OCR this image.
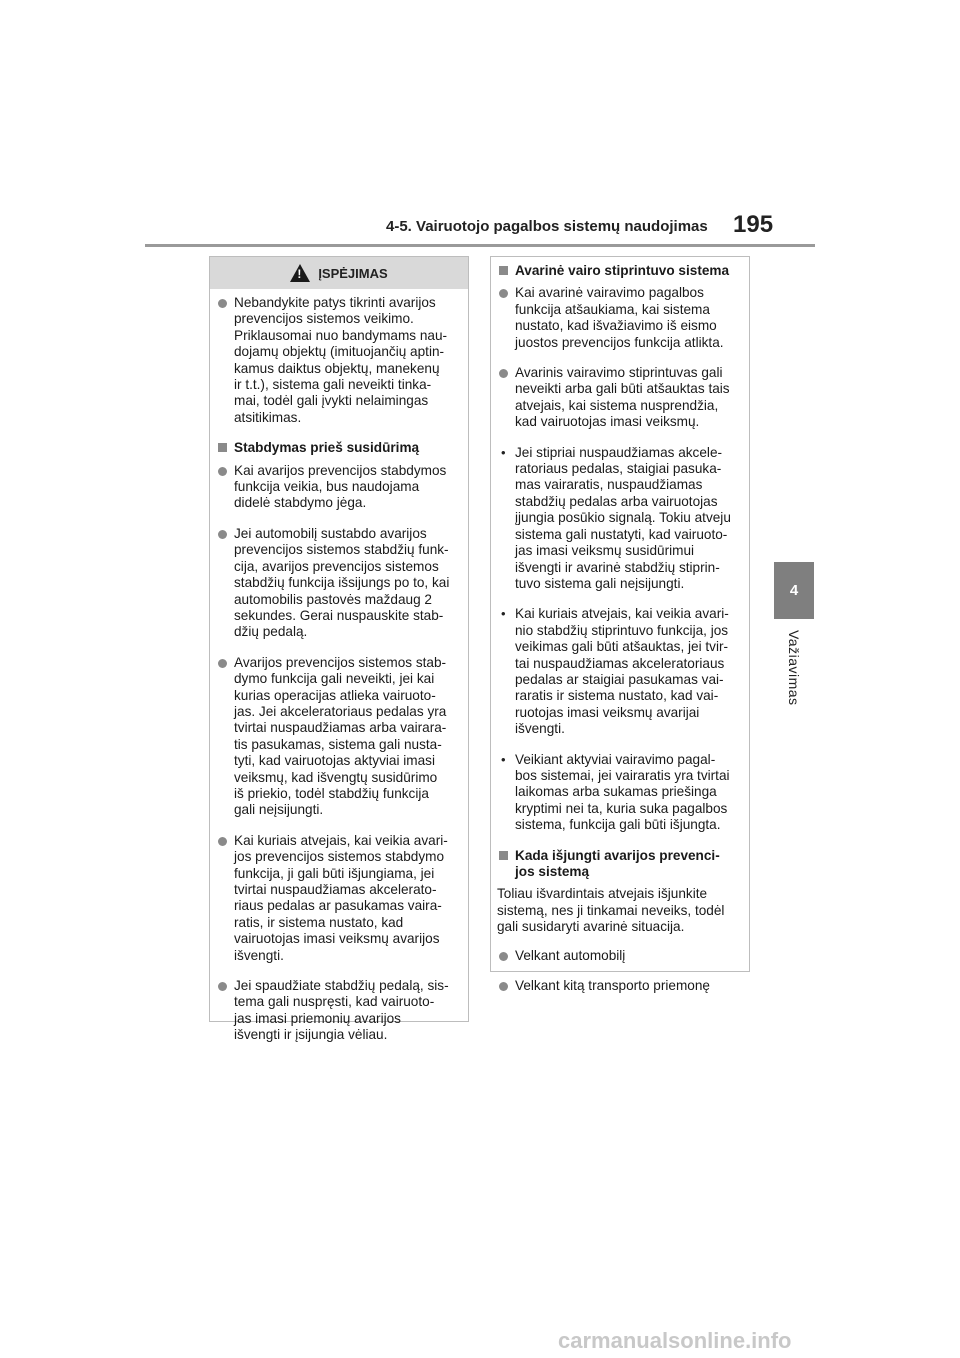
4-5. Vairuotojo pagalbos sistemų naudojimas 195
4
Važiavimas
!
ĮSPĖJIMAS
Nebandykite patys tikrinti avarijos
prevencijos sistemos veikimo.
Priklausomai nuo bandymams nau-
dojamų objektų (imituojančių aptin-
kamus daiktus objektų, manekenų
ir t.t.), sistema gali neveikti tinka-
mai, todėl gali įvykti nelaimingas
atsitikimas.
Stabdymas prieš susidūrimą
Kai avarijos prevencijos stabdymos
funkcija veikia, bus naudojama
didelė stabdymo jėga.
Jei automobilį sustabdo avarijos
prevencijos sistemos stabdžių funk-
cija, avarijos prevencijos sistemos
stabdžių funkcija išsijungs po to, kai
automobilis pastovės maždaug 2
sekundes. Gerai nuspauskite stab-
džių pedalą.
Avarijos prevencijos sistemos stab-
dymo funkcija gali neveikti, jei kai
kurias operacijas atlieka vairuoto-
jas. Jei akceleratoriaus pedalas yra
tvirtai nuspaudžiamas arba vairara-
tis pasukamas, sistema gali nusta-
tyti, kad vairuotojas aktyviai imasi
veiksmų, kad išvengtų susidūrimo
iš priekio, todėl stabdžių funkcija
gali neįsijungti.
Kai kuriais atvejais, kai veikia avari-
jos prevencijos sistemos stabdymo
funkcija, ji gali būti išjungiama, jei
tvirtai nuspaudžiamas akcelerato-
riaus pedalas ar pasukamas vaira-
ratis, ir sistema nustato, kad
vairuotojas imasi veiksmų avarijos
išvengti.
Jei spaudžiate stabdžių pedalą, sis-
tema gali nuspręsti, kad vairuoto-
jas imasi priemonių avarijos
išvengti ir įsijungia vėliau.
Avarinė vairo stiprintuvo sistema
Kai avarinė vairavimo pagalbos
funkcija atšaukiama, kai sistema
nustato, kad išvažiavimo iš eismo
juostos prevencijos funkcija atlikta.
Avarinis vairavimo stiprintuvas gali
neveikti arba gali būti atšauktas tais
atvejais, kai sistema nusprendžia,
kad vairuotojas imasi veiksmų.
• Jei stipriai nuspaudžiamas akcele-
ratoriaus pedalas, staigiai pasuka-
mas vairaratis, nuspaudžiamas
stabdžių pedalas arba vairuotojas
įjungia posūkio signalą. Tokiu atveju
sistema gali nustatyti, kad vairuoto-
jas imasi veiksmų susidūrimui
išvengti ir avarinė stabdžių stiprin-
tuvo sistema gali neįsijungti.
• Kai kuriais atvejais, kai veikia avari-
nio stabdžių stiprintuvo funkcija, jos
veikimas gali būti atšauktas, jei tvir-
tai nuspaudžiamas akceleratoriaus
pedalas ar staigiai pasukamas vai-
raratis ir sistema nustato, kad vai-
ruotojas imasi veiksmų avarijai
išvengti.
• Veikiant aktyviai vairavimo pagal-
bos sistemai, jei vairaratis yra tvirtai
laikomas arba sukamas priešinga
kryptimi nei ta, kuria suka pagalbos
sistema, funkcija gali būti išjungta.
Kada išjungti avarijos prevenci-
jos sistemą
Toliau išvardintais atvejais išjunkite
sistemą, nes ji tinkamai neveiks, todėl
gali susidaryti avarinė situacija.
Velkant automobilį
Velkant kitą transporto priemonę
carmanualsonline.info
